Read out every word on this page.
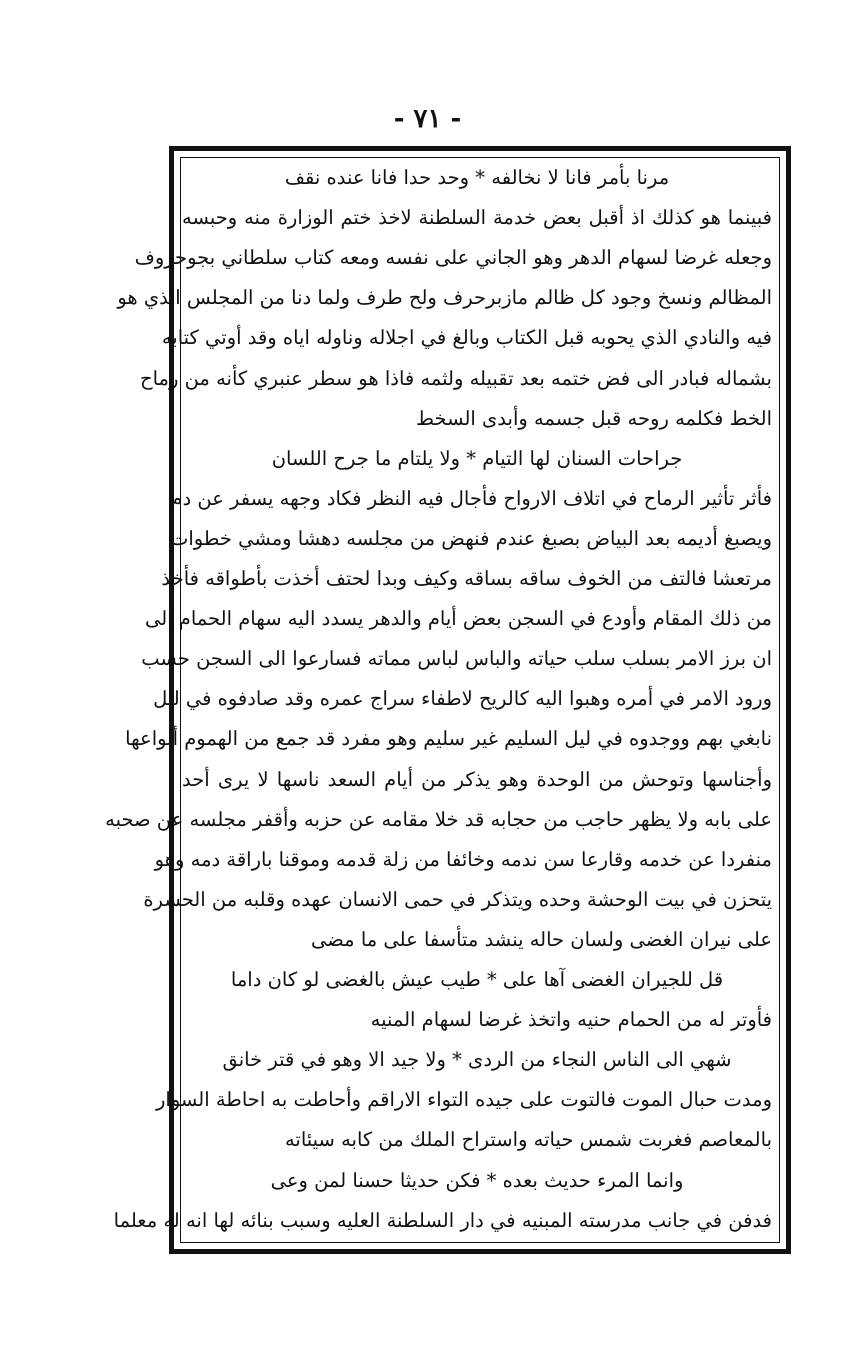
- ٧١ -
مرنا بأمر فانا لا نخالفه * وحد حدا فانا عنده نقف
فبينما هو كذلك اذ أقبل بعض خدمة السلطنة لاخذ ختم الوزارة منه وحبسه
وجعله غرضا لسهام الدهر وهو الجاني على نفسه ومعه كتاب سلطاني بجوحروف
المظالم ونسخ وجود كل ظالم مازبرحرف ولح طرف ولما دنا من المجلس الذي هو
فيه والنادي الذي يحوبه قبل الكتاب وبالغ في اجلاله وناوله اياه وقد أوتي كتابه
بشماله فبادر الى فض ختمه بعد تقبيله ولثمه فاذا هو سطر عنبري كأنه من رماح
الخط فكلمه روحه قبل جسمه وأبدى السخط
جراحات السنان لها التيام * ولا يلتام ما جرح اللسان
فأثر تأثير الرماح في اتلاف الارواح فأجال فيه النظر فكاد وجهه يسفر عن دم
ويصبغ أديمه بعد البياض بصبغ عندم فنهض من مجلسه دهشا ومشي خطوات
مرتعشا فالتف من الخوف ساقه بساقه وكيف وبدا لحتف أخذت بأطواقه فأخذ
من ذلك المقام وأودع في السجن بعض أيام والدهر يسدد اليه سهام الحمام الى
ان برز الامر بسلب سلب حياته والباس لباس مماته فسارعوا الى السجن حسب
ورود الامر في أمره وهبوا اليه كالريح لاطفاء سراج عمره وقد صادفوه في ليل
نابغي بهم ووجدوه في ليل السليم غير سليم وهو مفرد قد جمع من الهموم أنواعها
وأجناسها وتوحش من الوحدة وهو يذكر من أيام السعد ناسها لا يرى أحد
على بابه ولا يظهر حاجب من حجابه قد خلا مقامه عن حزبه وأقفر مجلسه عن صحبه
منفردا عن خدمه وقارعا سن ندمه وخائفا من زلة قدمه وموقنا باراقة دمه وهو
يتحزن في بيت الوحشة وحده ويتذكر في حمى الانسان عهده وقلبه من الحسرة
على نيران الغضى ولسان حاله ينشد متأسفا على ما مضى
قل للجيران الغضى آها على * طيب عيش بالغضى لو كان داما
فأوتر له من الحمام حنيه واتخذ غرضا لسهام المنيه
شهي الى الناس النجاء من الردى * ولا جيد الا وهو في قتر خانق
ومدت حبال الموت فالتوت على جيده التواء الاراقم وأحاطت به احاطة السوار
بالمعاصم فغربت شمس حياته واستراح الملك من كابه سيئاته
وانما المرء حديث بعده * فكن حديثا حسنا لمن وعى
فدفن في جانب مدرسته المبنيه في دار السلطنة العليه وسبب بنائه لها انه له معلما
